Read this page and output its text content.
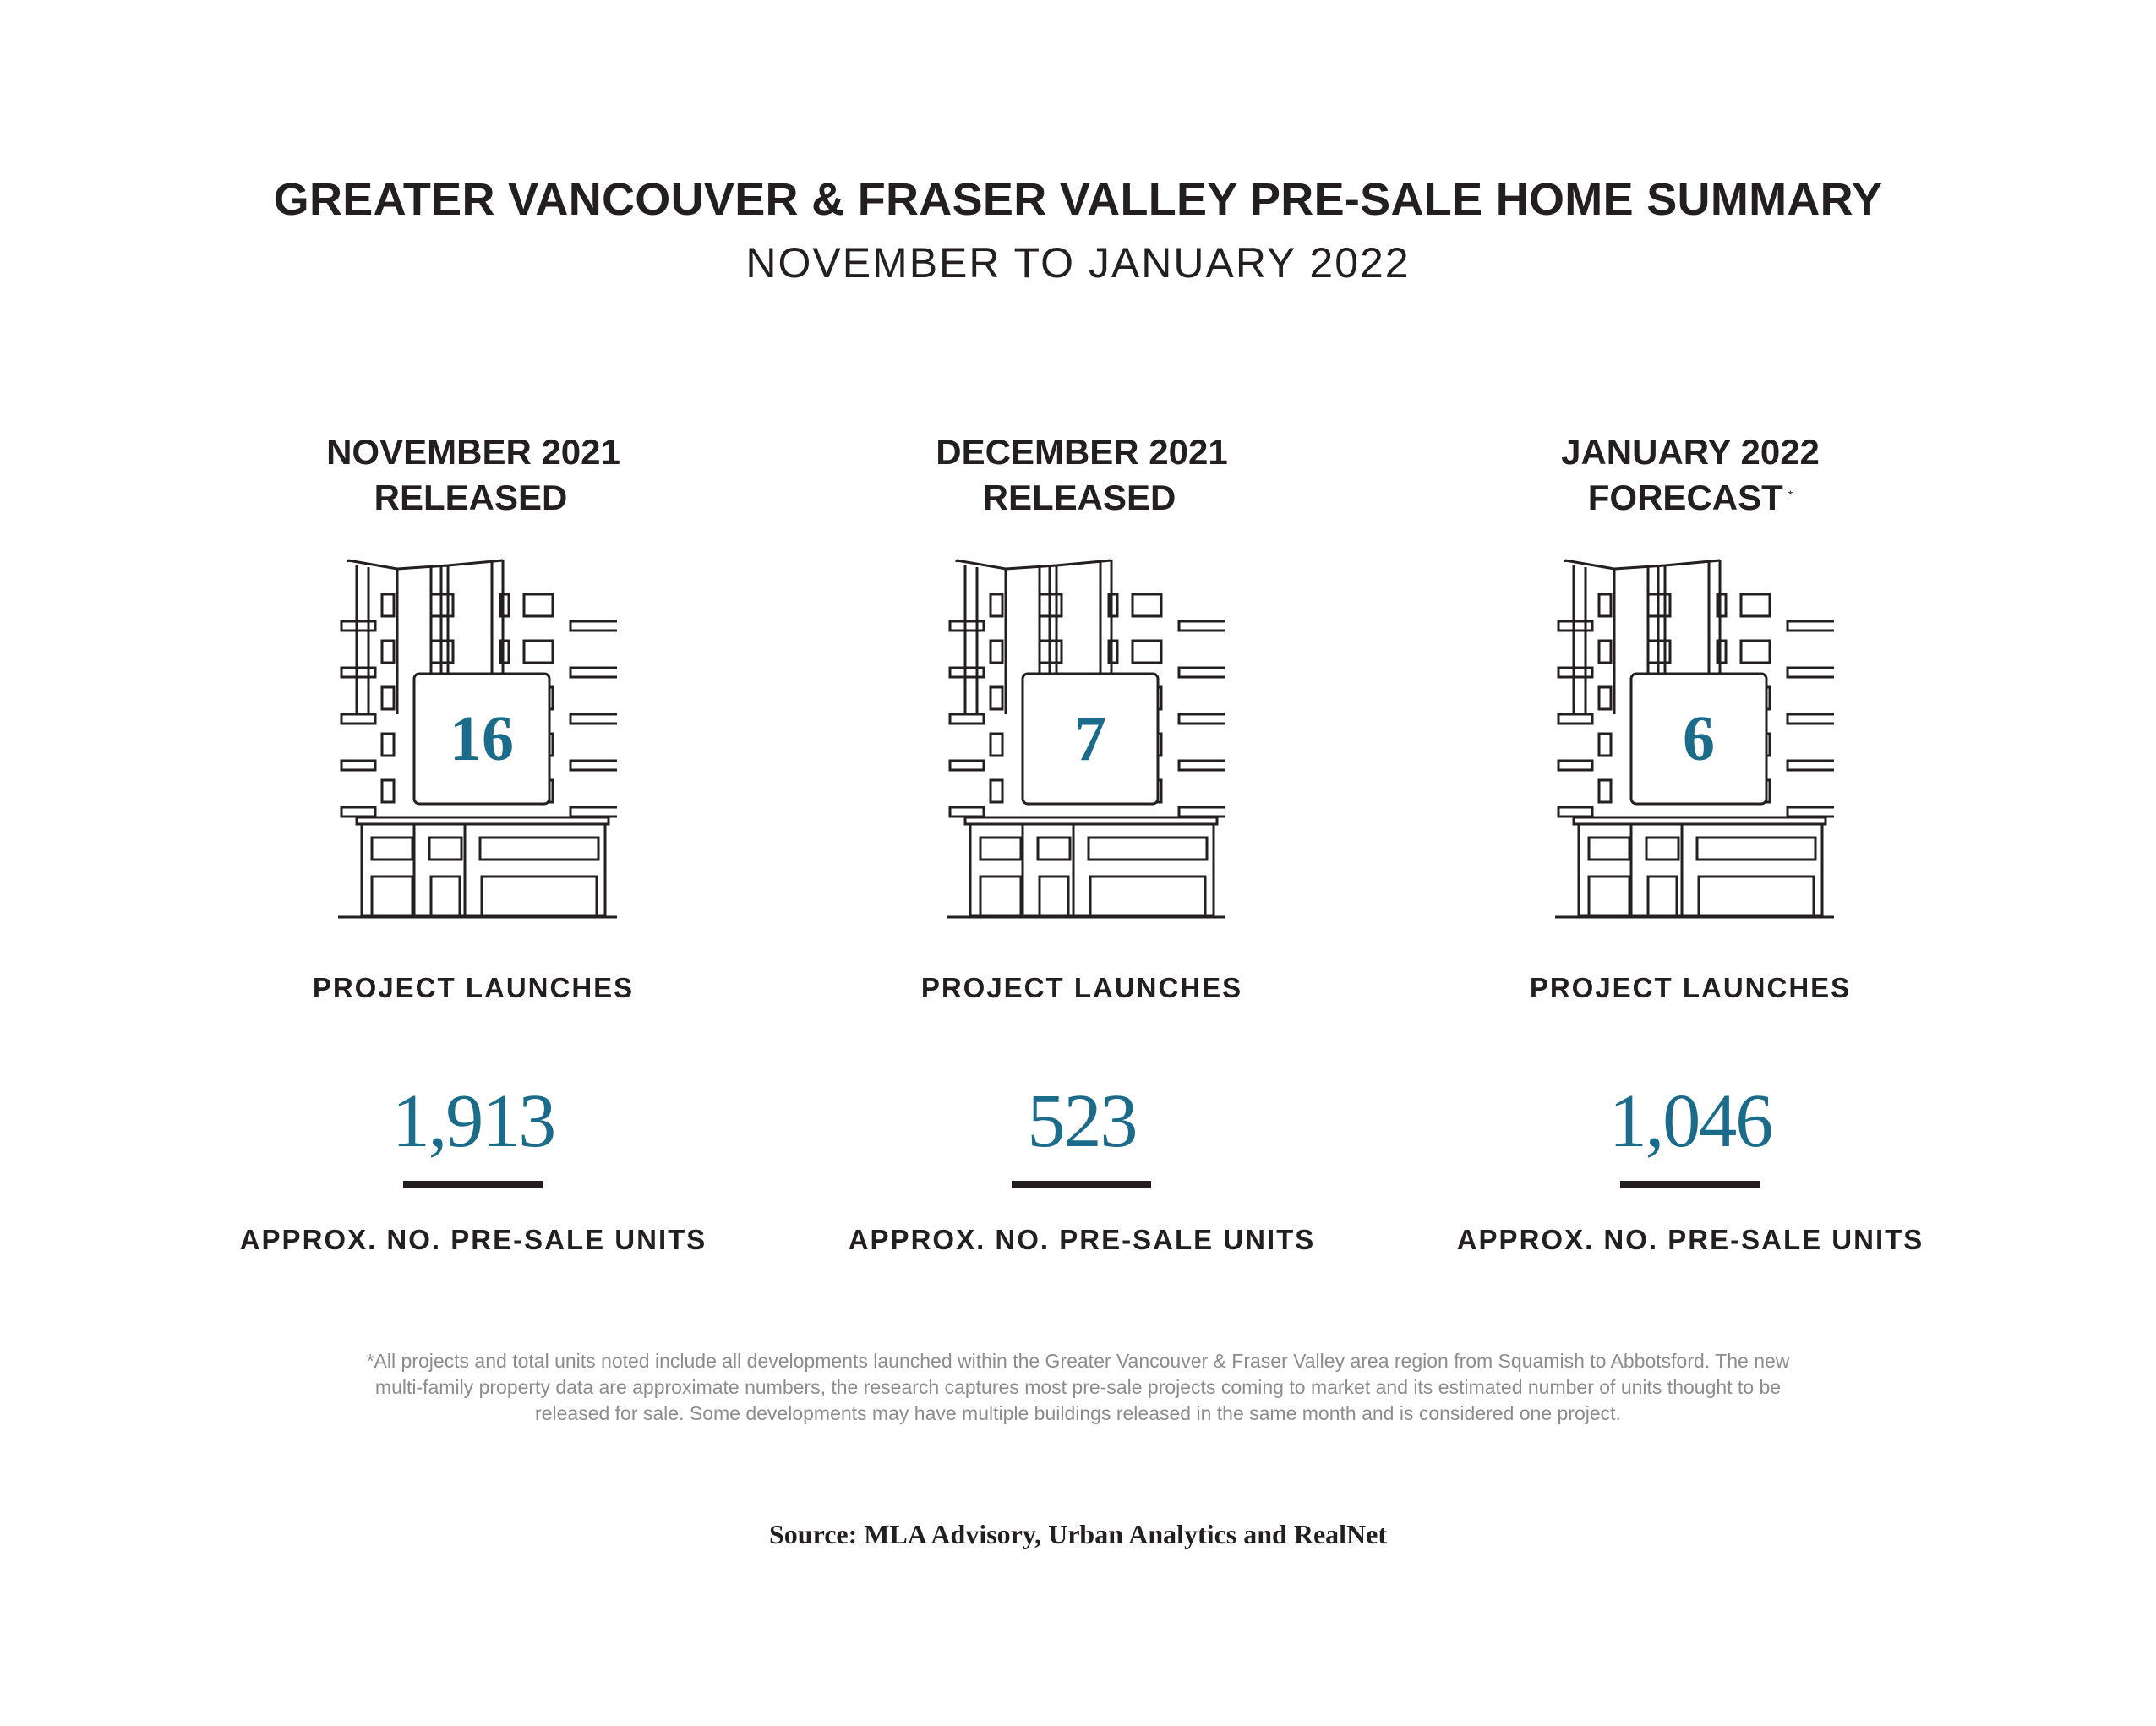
GREATER VANCOUVER & FRASER VALLEY PRE-SALE HOME SUMMARY
NOVEMBER TO JANUARY 2022
NOVEMBER 2021
RELEASED
16
PROJECT LAUNCHES
1,913
APPROX. NO. PRE-SALE UNITS
DECEMBER 2021
RELEASED
7
PROJECT LAUNCHES
523
APPROX. NO. PRE-SALE UNITS
JANUARY 2022
FORECAST *
6
PROJECT LAUNCHES
1,046
APPROX. NO. PRE-SALE UNITS

*All projects and total units noted include all developments launched within the Greater Vancouver & Fraser Valley area region from Squamish to Abbotsford. The new
multi-family property data are approximate numbers, the research captures most pre-sale projects coming to market and its estimated number of units thought to be
released for sale. Some developments may have multiple buildings released in the same month and is considered one project.

Source: MLA Advisory, Urban Analytics and RealNet
